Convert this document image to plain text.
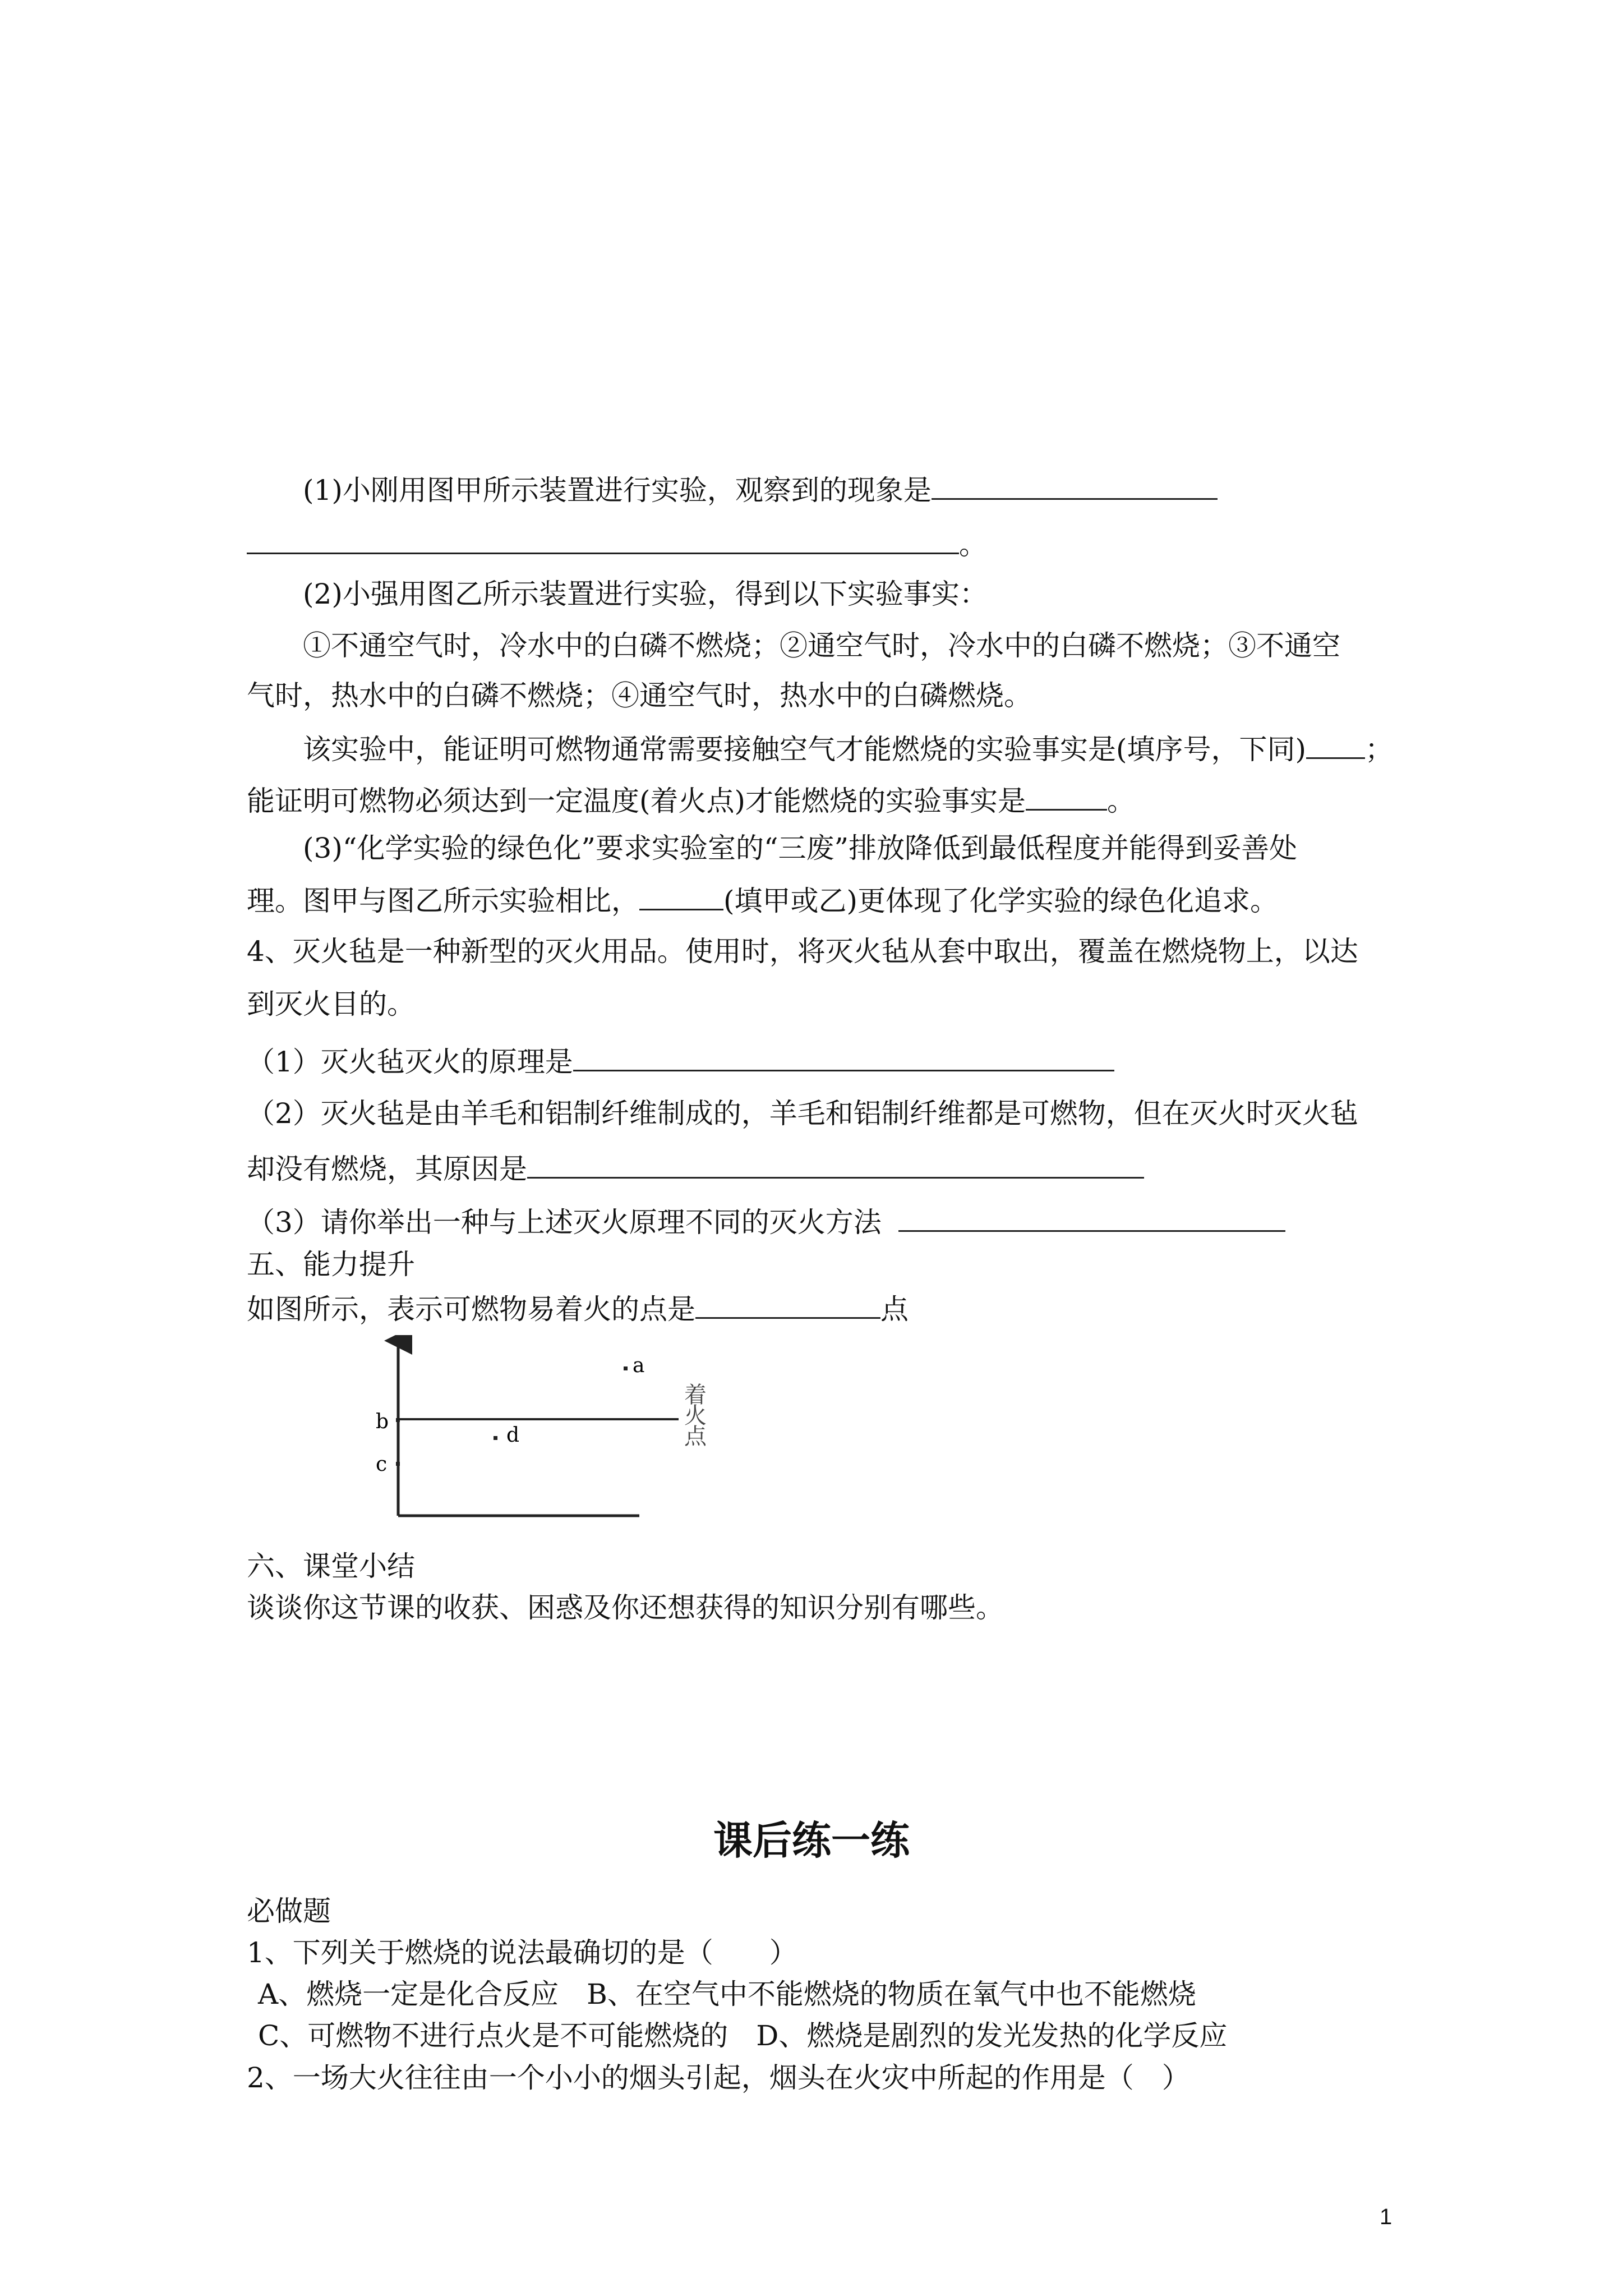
(1)小刚用图甲所示装置进行实验，观察到的现象是
。
(2)小强用图乙所示装置进行实验，得到以下实验事实：
①不通空气时，冷水中的白磷不燃烧；②通空气时，冷水中的白磷不燃烧；③不通空
气时，热水中的白磷不燃烧；④通空气时，热水中的白磷燃烧。
该实验中，能证明可燃物通常需要接触空气才能燃烧的实验事实是(填序号，下同) ；
能证明可燃物必须达到一定温度(着火点)才能燃烧的实验事实是	。
(3)“化学实验的绿色化”要求实验室的“三废”排放降低到最低程度并能得到妥善处
理。图甲与图乙所示实验相比，	(填甲或乙)更体现了化学实验的绿色化追求。
4、灭火毡是一种新型的灭火用品。使用时，将灭火毡从套中取出，覆盖在燃烧物上，以达
到灭火目的。
（1）灭火毡灭火的原理是
（2）灭火毡是由羊毛和铝制纤维制成的，羊毛和铝制纤维都是可燃物，但在灭火时灭火毡
却没有燃烧，其原因是
（3）请你举出一种与上述灭火原理不同的灭火方法
五、能力提升
如图所示，表示可燃物易着火的点是	点
a
b
c
d
着
火
点
六、课堂小结
谈谈你这节课的收获、困惑及你还想获得的知识分别有哪些。
课后练一练
必做题
1、下列关于燃烧的说法最确切的是（　　）
A、燃烧一定是化合反应　B、在空气中不能燃烧的物质在氧气中也不能燃烧
C、可燃物不进行点火是不可能燃烧的　D、燃烧是剧烈的发光发热的化学反应
2、一场大火往往由一个小小的烟头引起，烟头在火灾中所起的作用是（　）
1
